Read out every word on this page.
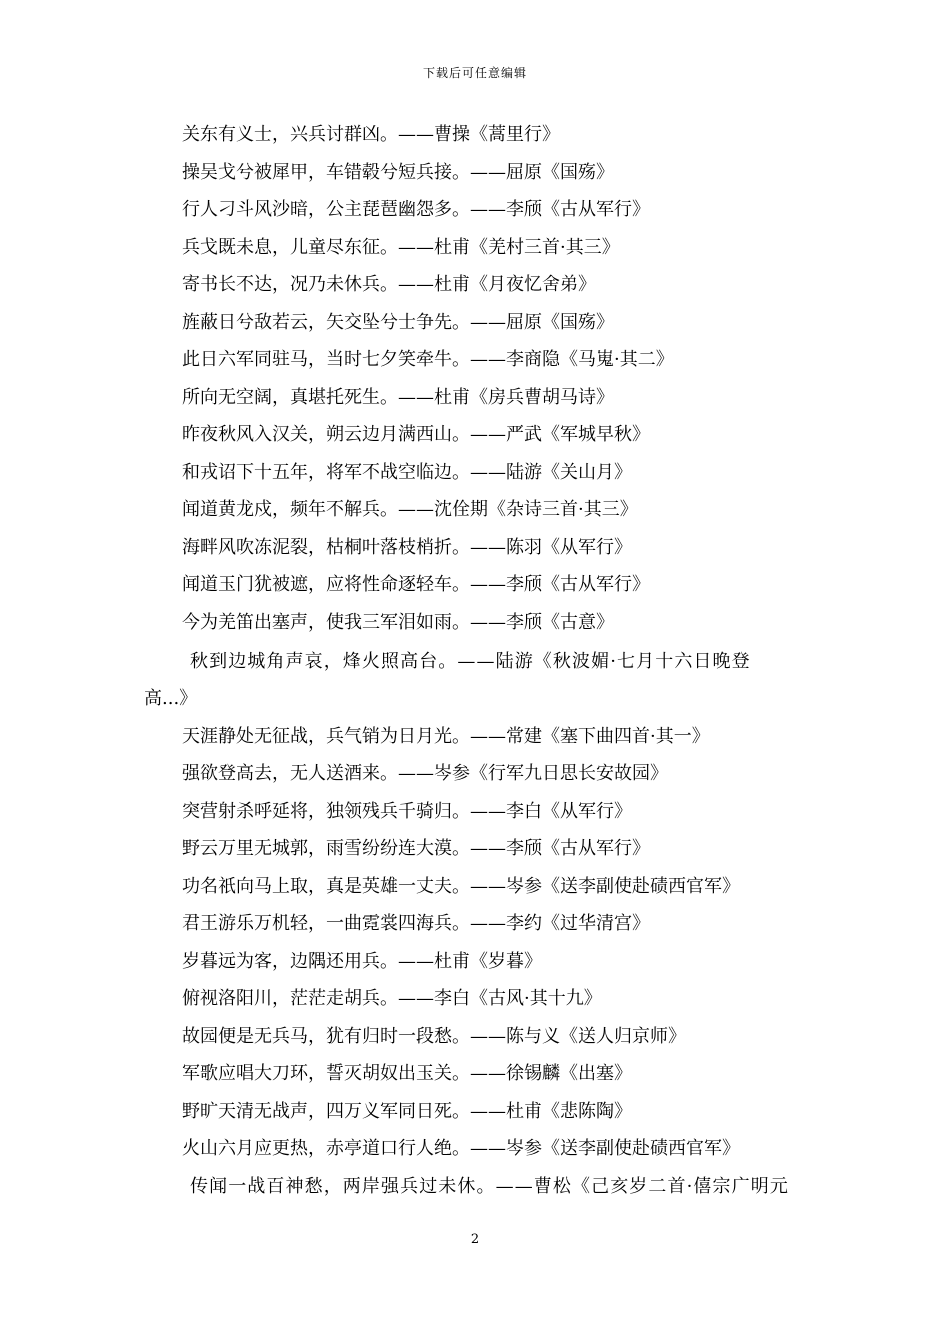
下载后可任意编辑
关东有义士，兴兵讨群凶。——曹操《蒿里行》
操吴戈兮被犀甲，车错毂兮短兵接。——屈原《国殇》
行人刁斗风沙暗，公主琵琶幽怨多。——李颀《古从军行》
兵戈既未息，儿童尽东征。——杜甫《羌村三首·其三》
寄书长不达，况乃未休兵。——杜甫《月夜忆舍弟》
旌蔽日兮敌若云，矢交坠兮士争先。——屈原《国殇》
此日六军同驻马，当时七夕笑牵牛。——李商隐《马嵬·其二》
所向无空阔，真堪托死生。——杜甫《房兵曹胡马诗》
昨夜秋风入汉关，朔云边月满西山。——严武《军城早秋》
和戎诏下十五年，将军不战空临边。——陆游《关山月》
闻道黄龙戍，频年不解兵。——沈佺期《杂诗三首·其三》
海畔风吹冻泥裂，枯桐叶落枝梢折。——陈羽《从军行》
闻道玉门犹被遮，应将性命逐轻车。——李颀《古从军行》
今为羌笛出塞声，使我三军泪如雨。——李颀《古意》
秋到边城角声哀，烽火照高台。——陆游《秋波媚·七月十六日晚登
高...》
天涯静处无征战，兵气销为日月光。——常建《塞下曲四首·其一》
强欲登高去，无人送酒来。——岑参《行军九日思长安故园》
突营射杀呼延将，独领残兵千骑归。——李白《从军行》
野云万里无城郭，雨雪纷纷连大漠。——李颀《古从军行》
功名祇向马上取，真是英雄一丈夫。——岑参《送李副使赴碛西官军》
君王游乐万机轻，一曲霓裳四海兵。——李约《过华清宫》
岁暮远为客，边隅还用兵。——杜甫《岁暮》
俯视洛阳川，茫茫走胡兵。——李白《古风·其十九》
故园便是无兵马，犹有归时一段愁。——陈与义《送人归京师》
军歌应唱大刀环，誓灭胡奴出玉关。——徐锡麟《出塞》
野旷天清无战声，四万义军同日死。——杜甫《悲陈陶》
火山六月应更热，赤亭道口行人绝。——岑参《送李副使赴碛西官军》
传闻一战百神愁，两岸强兵过未休。——曹松《己亥岁二首·僖宗广明元
2
